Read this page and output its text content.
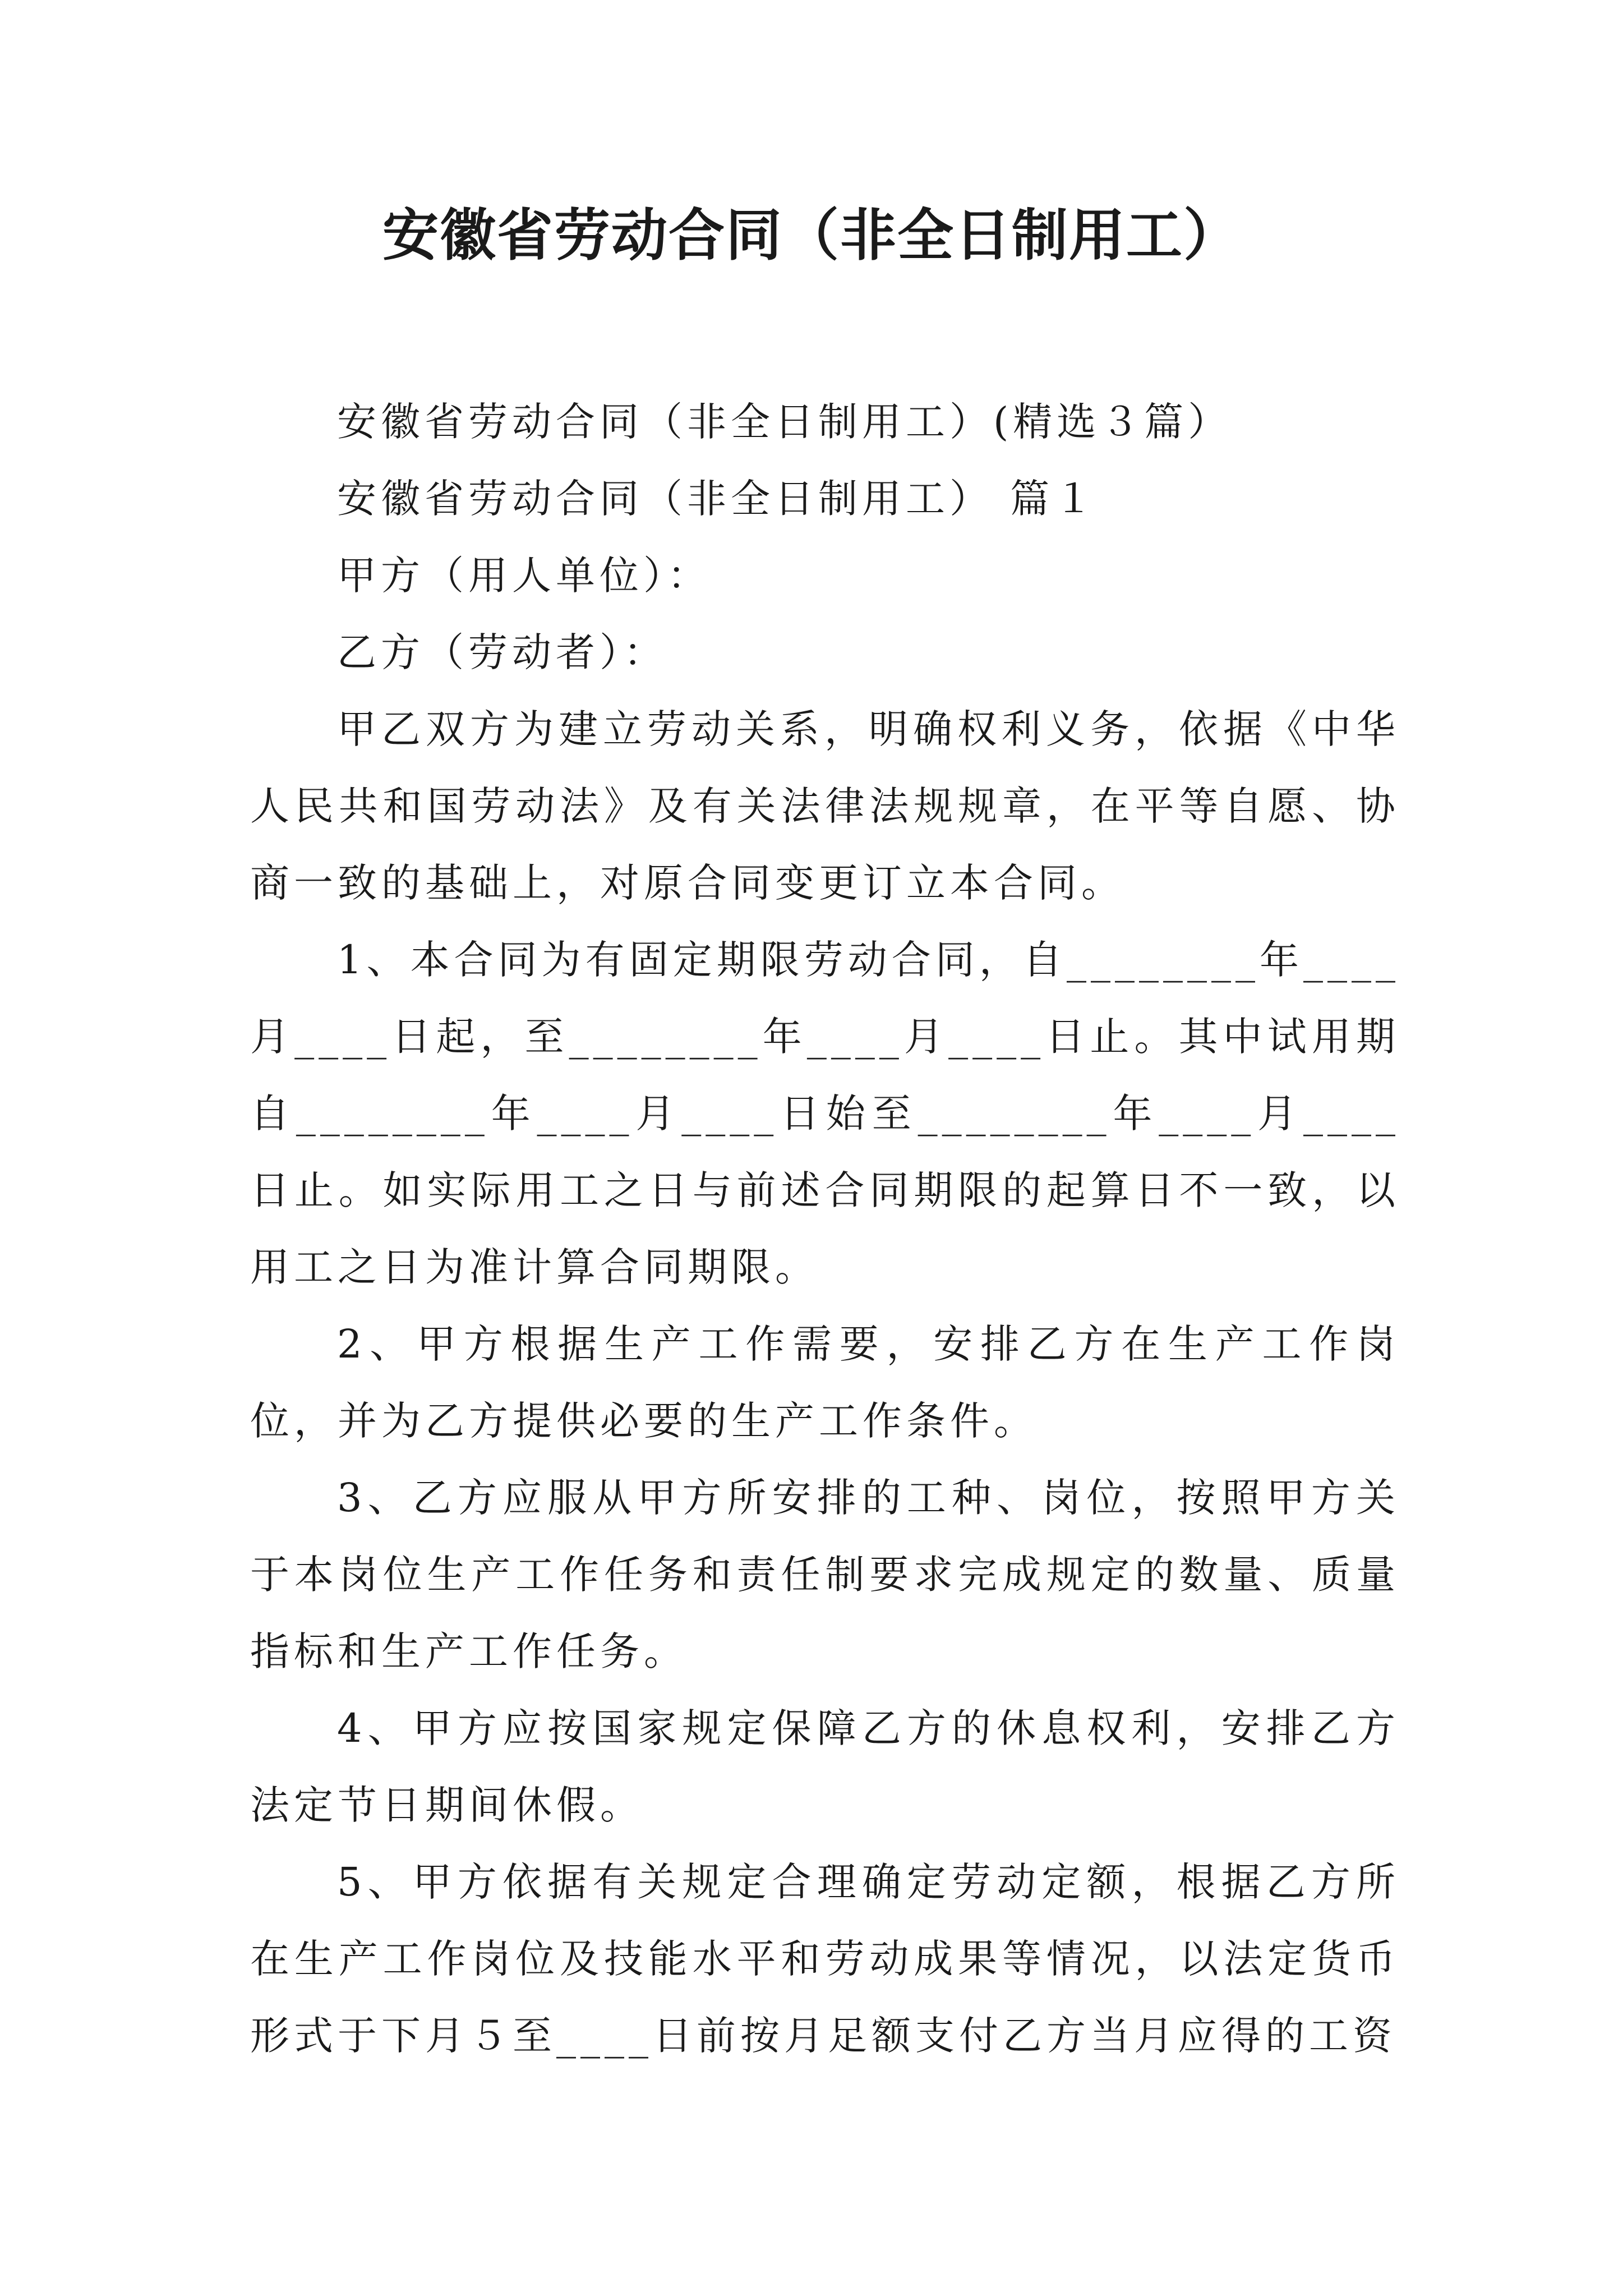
安徽省劳动合同（非全日制用工）

安徽省劳动合同（非全日制用工）(精选３篇）

安徽省劳动合同（非全日制用工） 篇１

甲方（用人单位）：

乙方（劳动者）：

甲乙双方为建立劳动关系，明确权利义务，依据《中华人民共和国劳动法》及有关法律法规规章，在平等自愿、协商一致的基础上，对原合同变更订立本合同。

1、本合同为有固定期限劳动合同，自________年____月____日起，至________年____月____日止。其中试用期自________年____月____日始至________年____月____日止。如实际用工之日与前述合同期限的起算日不一致，以用工之日为准计算合同期限。

2、甲方根据生产工作需要，安排乙方在生产工作岗位，并为乙方提供必要的生产工作条件。

3、乙方应服从甲方所安排的工种、岗位，按照甲方关于本岗位生产工作任务和责任制要求完成规定的数量、质量指标和生产工作任务。

4、甲方应按国家规定保障乙方的休息权利，安排乙方法定节日期间休假。

5、甲方依据有关规定合理确定劳动定额，根据乙方所在生产工作岗位及技能水平和劳动成果等情况，以法定货币形式于下月５至____日前按月足额支付乙方当月应得的工资
